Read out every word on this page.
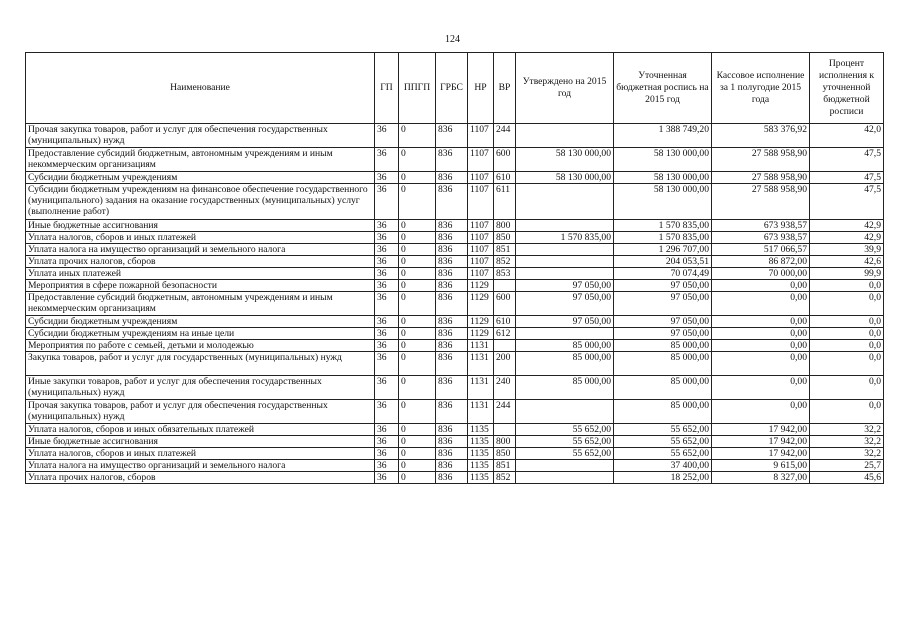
124
Наименование	ГП	ППГП	ГРБС	НР	ВР	Утверждено на 2015 год	Уточненная бюджетная роспись на 2015 год	Кассовое исполнение за 1 полугодие 2015 года	Процент исполнения к уточненной бюджетной росписи
Прочая закупка товаров, работ и услуг для обеспечения государственных (муниципальных) нужд	36	0	836	1107	244		1 388 749,20	583 376,92	42,0
Предоставление субсидий бюджетным, автономным учреждениям и иным некоммерческим организациям	36	0	836	1107	600	58 130 000,00	58 130 000,00	27 588 958,90	47,5
Субсидии бюджетным учреждениям	36	0	836	1107	610	58 130 000,00	58 130 000,00	27 588 958,90	47,5
Субсидии бюджетным учреждениям на финансовое обеспечение государственного (муниципального) задания на оказание государственных (муниципальных) услуг (выполнение работ)	36	0	836	1107	611		58 130 000,00	27 588 958,90	47,5
Иные бюджетные ассигнования	36	0	836	1107	800		1 570 835,00	673 938,57	42,9
Уплата налогов, сборов и иных платежей	36	0	836	1107	850	1 570 835,00	1 570 835,00	673 938,57	42,9
Уплата налога на имущество организаций и земельного налога	36	0	836	1107	851		1 296 707,00	517 066,57	39,9
Уплата прочих налогов, сборов	36	0	836	1107	852		204 053,51	86 872,00	42,6
Уплата иных платежей	36	0	836	1107	853		70 074,49	70 000,00	99,9
Мероприятия в сфере пожарной безопасности	36	0	836	1129		97 050,00	97 050,00	0,00	0,0
Предоставление субсидий бюджетным, автономным учреждениям и иным некоммерческим организациям	36	0	836	1129	600	97 050,00	97 050,00	0,00	0,0
Субсидии бюджетным учреждениям	36	0	836	1129	610	97 050,00	97 050,00	0,00	0,0
Субсидии бюджетным учреждениям на иные цели	36	0	836	1129	612		97 050,00	0,00	0,0
Мероприятия по работе с семьей, детьми и молодежью	36	0	836	1131		85 000,00	85 000,00	0,00	0,0
Закупка товаров, работ и услуг для государственных (муниципальных) нужд	36	0	836	1131	200	85 000,00	85 000,00	0,00	0,0
Иные закупки товаров, работ и услуг для обеспечения государственных (муниципальных) нужд	36	0	836	1131	240	85 000,00	85 000,00	0,00	0,0
Прочая закупка товаров, работ и услуг для обеспечения государственных (муниципальных) нужд	36	0	836	1131	244		85 000,00	0,00	0,0
Уплата налогов, сборов и иных обязательных платежей	36	0	836	1135		55 652,00	55 652,00	17 942,00	32,2
Иные бюджетные ассигнования	36	0	836	1135	800	55 652,00	55 652,00	17 942,00	32,2
Уплата налогов, сборов и иных платежей	36	0	836	1135	850	55 652,00	55 652,00	17 942,00	32,2
Уплата налога на имущество организаций и земельного налога	36	0	836	1135	851		37 400,00	9 615,00	25,7
Уплата прочих налогов, сборов	36	0	836	1135	852		18 252,00	8 327,00	45,6
